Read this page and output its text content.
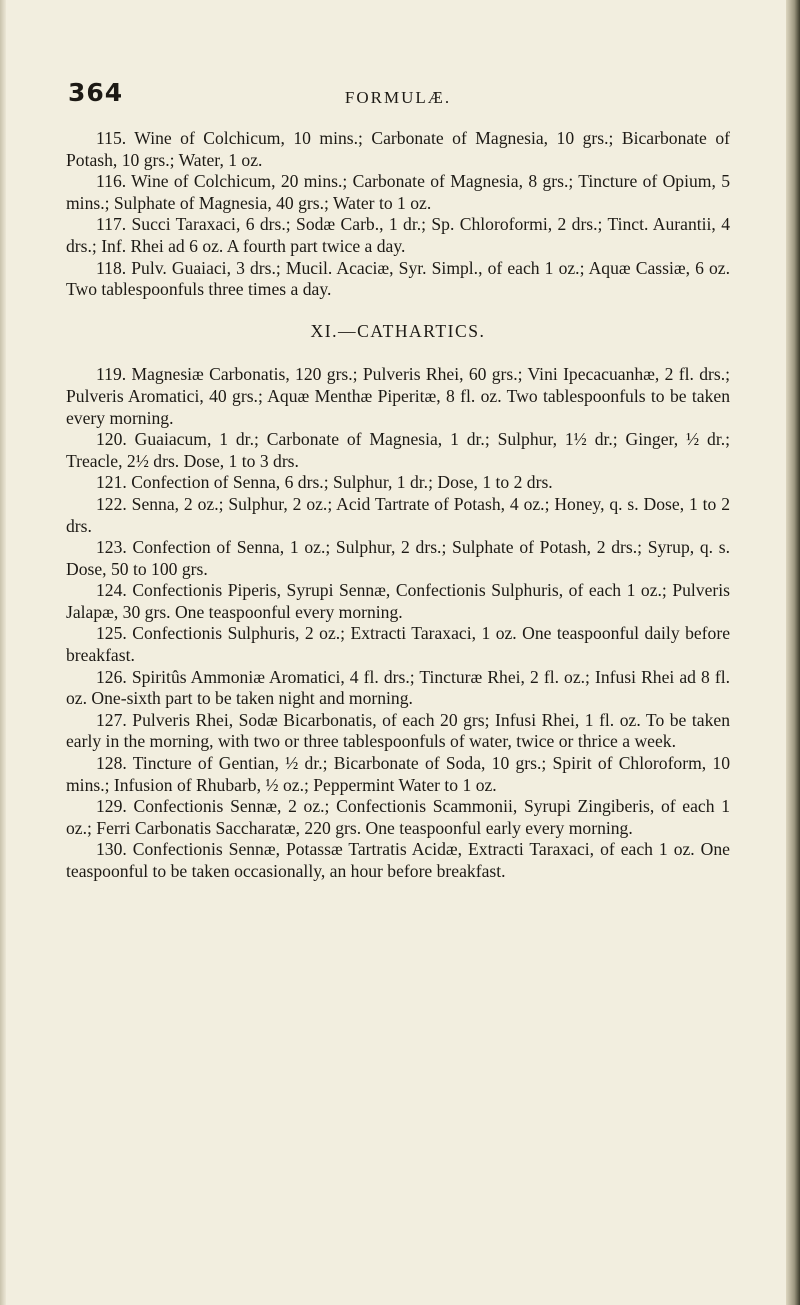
364	FORMULÆ.

115. Wine of Colchicum, 10 mins.; Carbonate of Magnesia, 10 grs.; Bicarbonate of Potash, 10 grs.; Water, 1 oz.

116. Wine of Colchicum, 20 mins.; Carbonate of Magnesia, 8 grs.; Tincture of Opium, 5 mins.; Sulphate of Magnesia, 40 grs.; Water to 1 oz.

117. Succi Taraxaci, 6 drs.; Sodæ Carb., 1 dr.; Sp. Chloroformi, 2 drs.; Tinct. Aurantii, 4 drs.; Inf. Rhei ad 6 oz. A fourth part twice a day.

118. Pulv. Guaiaci, 3 drs.; Mucil. Acaciæ, Syr. Simpl., of each 1 oz.; Aquæ Cassiæ, 6 oz. Two tablespoonfuls three times a day.

XI.—CATHARTICS.

119. Magnesiæ Carbonatis, 120 grs.; Pulveris Rhei, 60 grs.; Vini Ipecacuanhæ, 2 fl. drs.; Pulveris Aromatici, 40 grs.; Aquæ Menthæ Piperitæ, 8 fl. oz. Two tablespoonfuls to be taken every morning.

120. Guaiacum, 1 dr.; Carbonate of Magnesia, 1 dr.; Sulphur, 1½ dr.; Ginger, ½ dr.; Treacle, 2½ drs. Dose, 1 to 3 drs.

121. Confection of Senna, 6 drs.; Sulphur, 1 dr.; Dose, 1 to 2 drs.

122. Senna, 2 oz.; Sulphur, 2 oz.; Acid Tartrate of Potash, 4 oz.; Honey, q. s. Dose, 1 to 2 drs.

123. Confection of Senna, 1 oz.; Sulphur, 2 drs.; Sulphate of Potash, 2 drs.; Syrup, q. s. Dose, 50 to 100 grs.

124. Confectionis Piperis, Syrupi Sennæ, Confectionis Sulphuris, of each 1 oz.; Pulveris Jalapæ, 30 grs. One teaspoonful every morning.

125. Confectionis Sulphuris, 2 oz.; Extracti Taraxaci, 1 oz. One teaspoonful daily before breakfast.

126. Spiritûs Ammoniæ Aromatici, 4 fl. drs.; Tincturæ Rhei, 2 fl. oz.; Infusi Rhei ad 8 fl. oz. One-sixth part to be taken night and morning.

127. Pulveris Rhei, Sodæ Bicarbonatis, of each 20 grs; Infusi Rhei, 1 fl. oz. To be taken early in the morning, with two or three tablespoonfuls of water, twice or thrice a week.

128. Tincture of Gentian, ½ dr.; Bicarbonate of Soda, 10 grs.; Spirit of Chloroform, 10 mins.; Infusion of Rhubarb, ½ oz.; Peppermint Water to 1 oz.

129. Confectionis Sennæ, 2 oz.; Confectionis Scammonii, Syrupi Zingiberis, of each 1 oz.; Ferri Carbonatis Saccharatæ, 220 grs. One teaspoonful early every morning.

130. Confectionis Sennæ, Potassæ Tartratis Acidæ, Extracti Taraxaci, of each 1 oz. One teaspoonful to be taken occasionally, an hour before breakfast.
